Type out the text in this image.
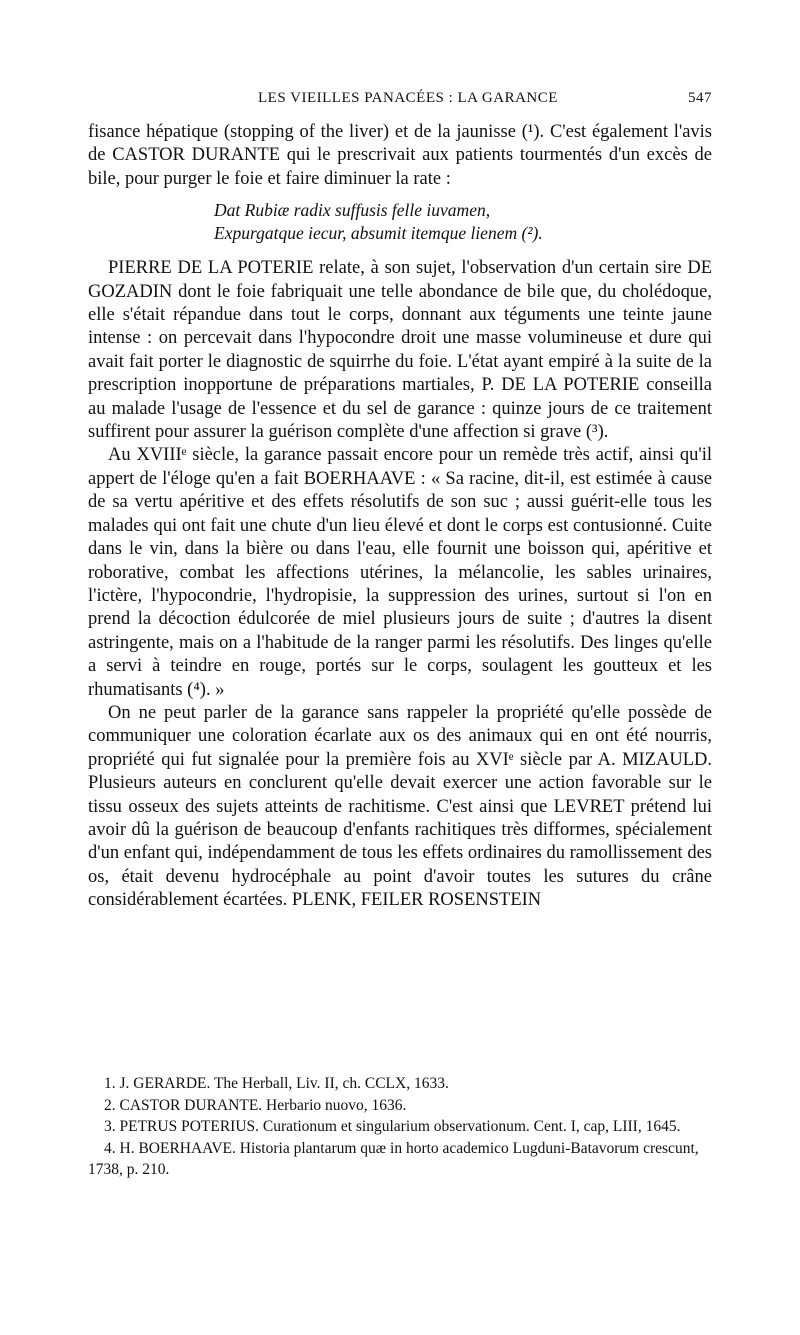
LES VIEILLES PANACÉES : LA GARANCE	547

fisance hépatique (stopping of the liver) et de la jaunisse (¹). C'est également l'avis de CASTOR DURANTE qui le prescrivait aux patients tourmentés d'un excès de bile, pour purger le foie et faire diminuer la rate :

Dat Rubiæ radix suffusis felle iuvamen,
Expurgatque iecur, absumit itemque lienem (²).

PIERRE DE LA POTERIE relate, à son sujet, l'observation d'un certain sire DE GOZADIN dont le foie fabriquait une telle abondance de bile que, du cholédoque, elle s'était répandue dans tout le corps, donnant aux téguments une teinte jaune intense : on percevait dans l'hypocondre droit une masse volumineuse et dure qui avait fait porter le diagnostic de squirrhe du foie. L'état ayant empiré à la suite de la prescription inopportune de préparations martiales, P. DE LA POTERIE conseilla au malade l'usage de l'essence et du sel de garance : quinze jours de ce traitement suffirent pour assurer la guérison complète d'une affection si grave (³).

Au XVIIIᵉ siècle, la garance passait encore pour un remède très actif, ainsi qu'il appert de l'éloge qu'en a fait BOERHAAVE : « Sa racine, dit-il, est estimée à cause de sa vertu apéritive et des effets résolutifs de son suc ; aussi guérit-elle tous les malades qui ont fait une chute d'un lieu élevé et dont le corps est contusionné. Cuite dans le vin, dans la bière ou dans l'eau, elle fournit une boisson qui, apéritive et roborative, combat les affections utérines, la mélancolie, les sables urinaires, l'ictère, l'hypocondrie, l'hydropisie, la suppression des urines, surtout si l'on en prend la décoction édulcorée de miel plusieurs jours de suite ; d'autres la disent astringente, mais on a l'habitude de la ranger parmi les résolutifs. Des linges qu'elle a servi à teindre en rouge, portés sur le corps, soulagent les goutteux et les rhumatisants (⁴). »

On ne peut parler de la garance sans rappeler la propriété qu'elle possède de communiquer une coloration écarlate aux os des animaux qui en ont été nourris, propriété qui fut signalée pour la première fois au XVIᵉ siècle par A. MIZAULD. Plusieurs auteurs en conclurent qu'elle devait exercer une action favorable sur le tissu osseux des sujets atteints de rachitisme. C'est ainsi que LEVRET prétend lui avoir dû la guérison de beaucoup d'enfants rachitiques très difformes, spécialement d'un enfant qui, indépendamment de tous les effets ordinaires du ramollissement des os, était devenu hydrocéphale au point d'avoir toutes les sutures du crâne considérablement écartées. PLENK, FEILER ROSENSTEIN

1. J. GERARDE. The Herball, Liv. II, ch. CCLX, 1633.

2. CASTOR DURANTE. Herbario nuovo, 1636.

3. PETRUS POTERIUS. Curationum et singularium observationum. Cent. I, cap, LIII, 1645.

4. H. BOERHAAVE. Historia plantarum quæ in horto academico Lugduni-Batavorum crescunt, 1738, p. 210.
